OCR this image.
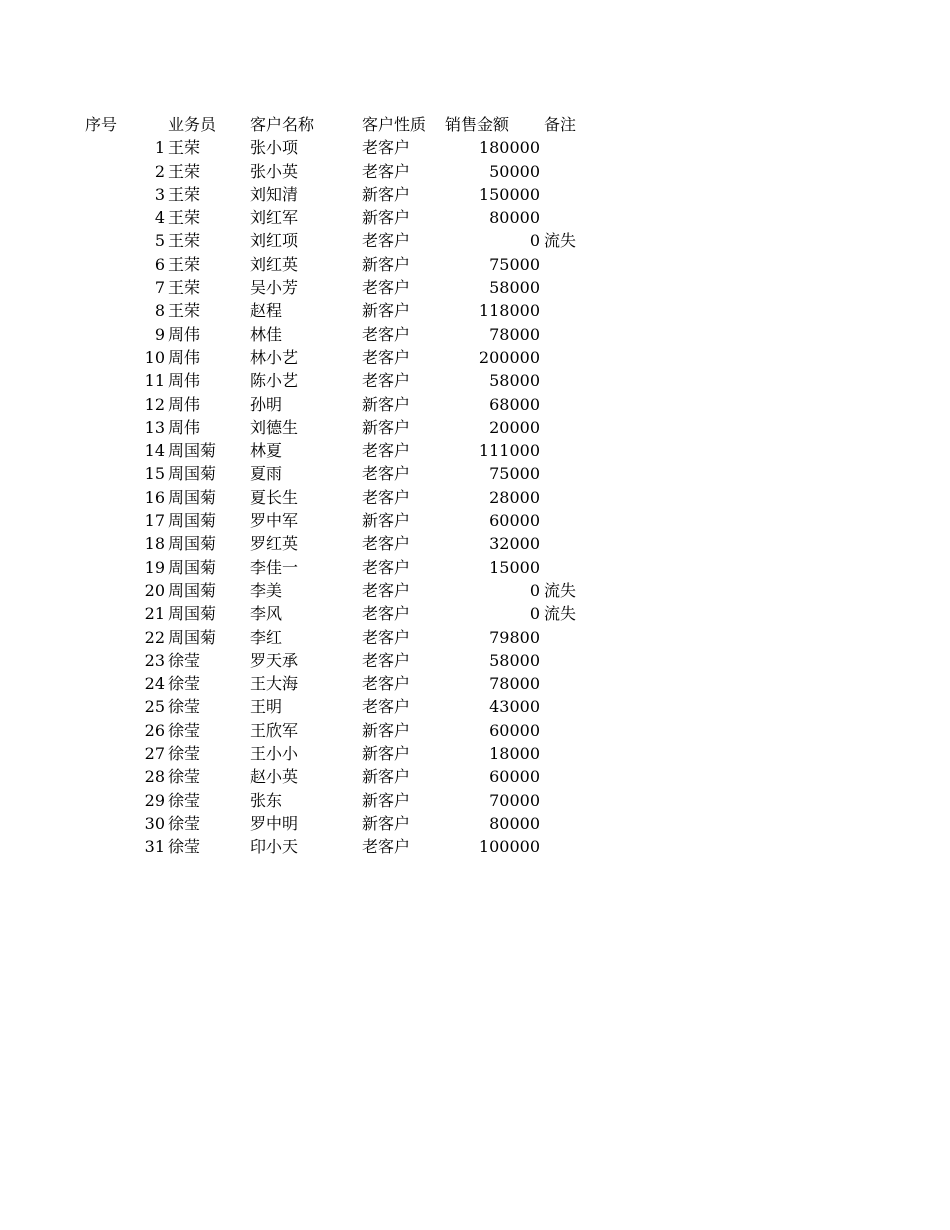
序号	业务员	客户名称	客户性质	销售金额	备注
1 王荣	张小项	老客户	180000
2 王荣	张小英	老客户	50000
3 王荣	刘知清	新客户	150000
4 王荣	刘红军	新客户	80000
5 王荣	刘红项	老客户	0 流失
6 王荣	刘红英	新客户	75000
7 王荣	吴小芳	老客户	58000
8 王荣	赵程	新客户	118000
9 周伟	林佳	老客户	78000
10 周伟	林小艺	老客户	200000
11 周伟	陈小艺	老客户	58000
12 周伟	孙明	新客户	68000
13 周伟	刘德生	新客户	20000
14 周国菊	林夏	老客户	111000
15 周国菊	夏雨	老客户	75000
16 周国菊	夏长生	老客户	28000
17 周国菊	罗中军	新客户	60000
18 周国菊	罗红英	老客户	32000
19 周国菊	李佳一	老客户	15000
20 周国菊	李美	老客户	0 流失
21 周国菊	李风	老客户	0 流失
22 周国菊	李红	老客户	79800
23 徐莹	罗天承	老客户	58000
24 徐莹	王大海	老客户	78000
25 徐莹	王明	老客户	43000
26 徐莹	王欣军	新客户	60000
27 徐莹	王小小	新客户	18000
28 徐莹	赵小英	新客户	60000
29 徐莹	张东	新客户	70000
30 徐莹	罗中明	新客户	80000
31 徐莹	印小天	老客户	100000
